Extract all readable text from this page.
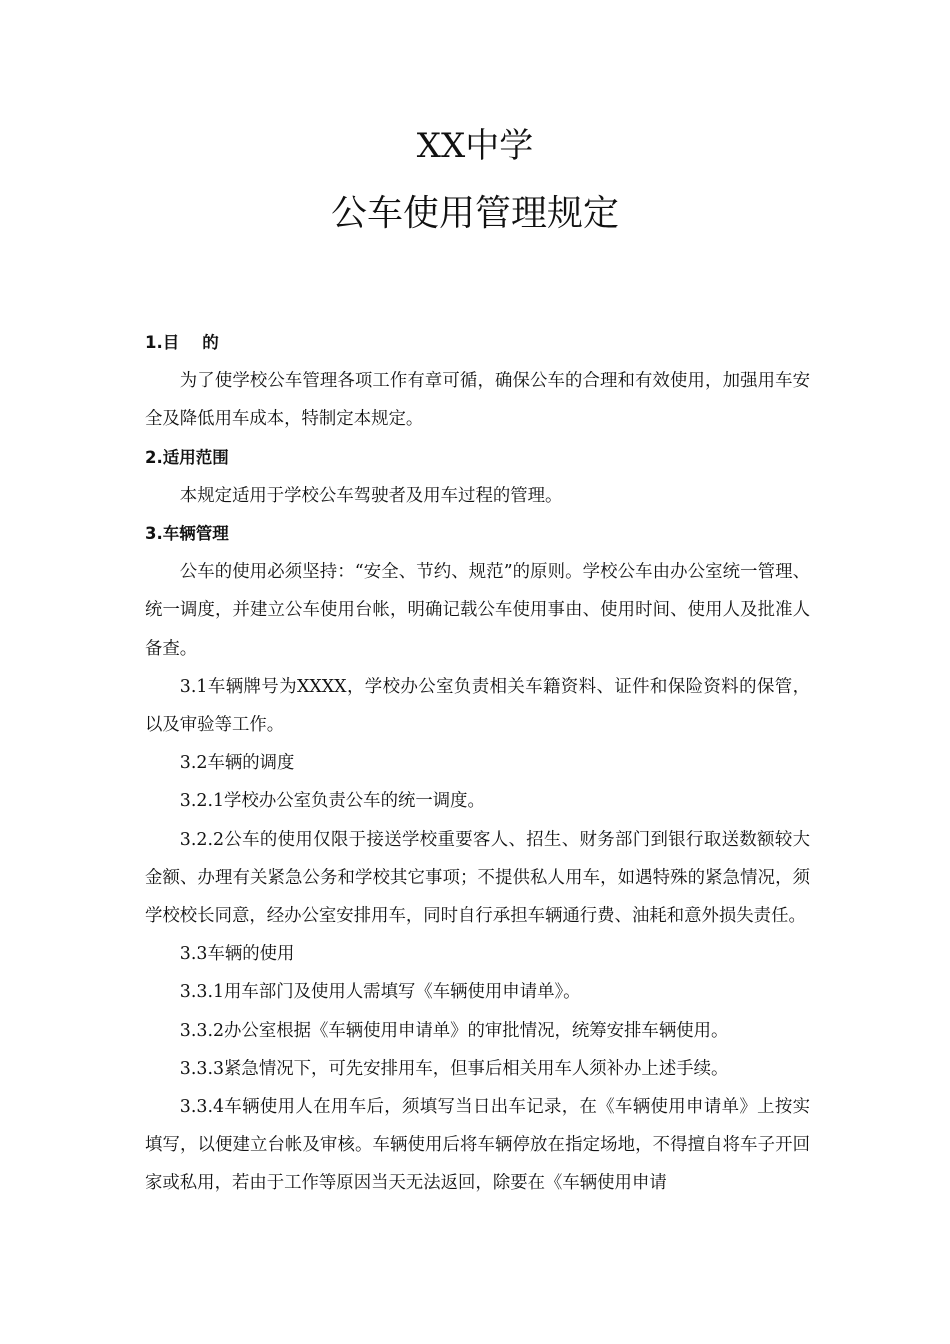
XX中学
公车使用管理规定

1.目    的

为了使学校公车管理各项工作有章可循，确保公车的合理和有效使用，加强用车安全及降低用车成本，特制定本规定。

2.适用范围

本规定适用于学校公车驾驶者及用车过程的管理。

3.车辆管理

公车的使用必须坚持：“安全、节约、规范”的原则。学校公车由办公室统一管理、统一调度，并建立公车使用台帐，明确记载公车使用事由、使用时间、使用人及批准人备查。

3.1车辆牌号为XXXX，学校办公室负责相关车籍资料、证件和保险资料的保管，以及审验等工作。

3.2车辆的调度

3.2.1学校办公室负责公车的统一调度。

3.2.2公车的使用仅限于接送学校重要客人、招生、财务部门到银行取送数额较大金额、办理有关紧急公务和学校其它事项；不提供私人用车，如遇特殊的紧急情况，须学校校长同意，经办公室安排用车，同时自行承担车辆通行费、油耗和意外损失责任。

3.3车辆的使用

3.3.1用车部门及使用人需填写《车辆使用申请单》。

3.3.2办公室根据《车辆使用申请单》的审批情况，统筹安排车辆使用。

3.3.3紧急情况下，可先安排用车，但事后相关用车人须补办上述手续。

3.3.4车辆使用人在用车后，须填写当日出车记录，在《车辆使用申请单》上按实填写，以便建立台帐及审核。车辆使用后将车辆停放在指定场地，不得擅自将车子开回家或私用，若由于工作等原因当天无法返回，除要在《车辆使用申请
